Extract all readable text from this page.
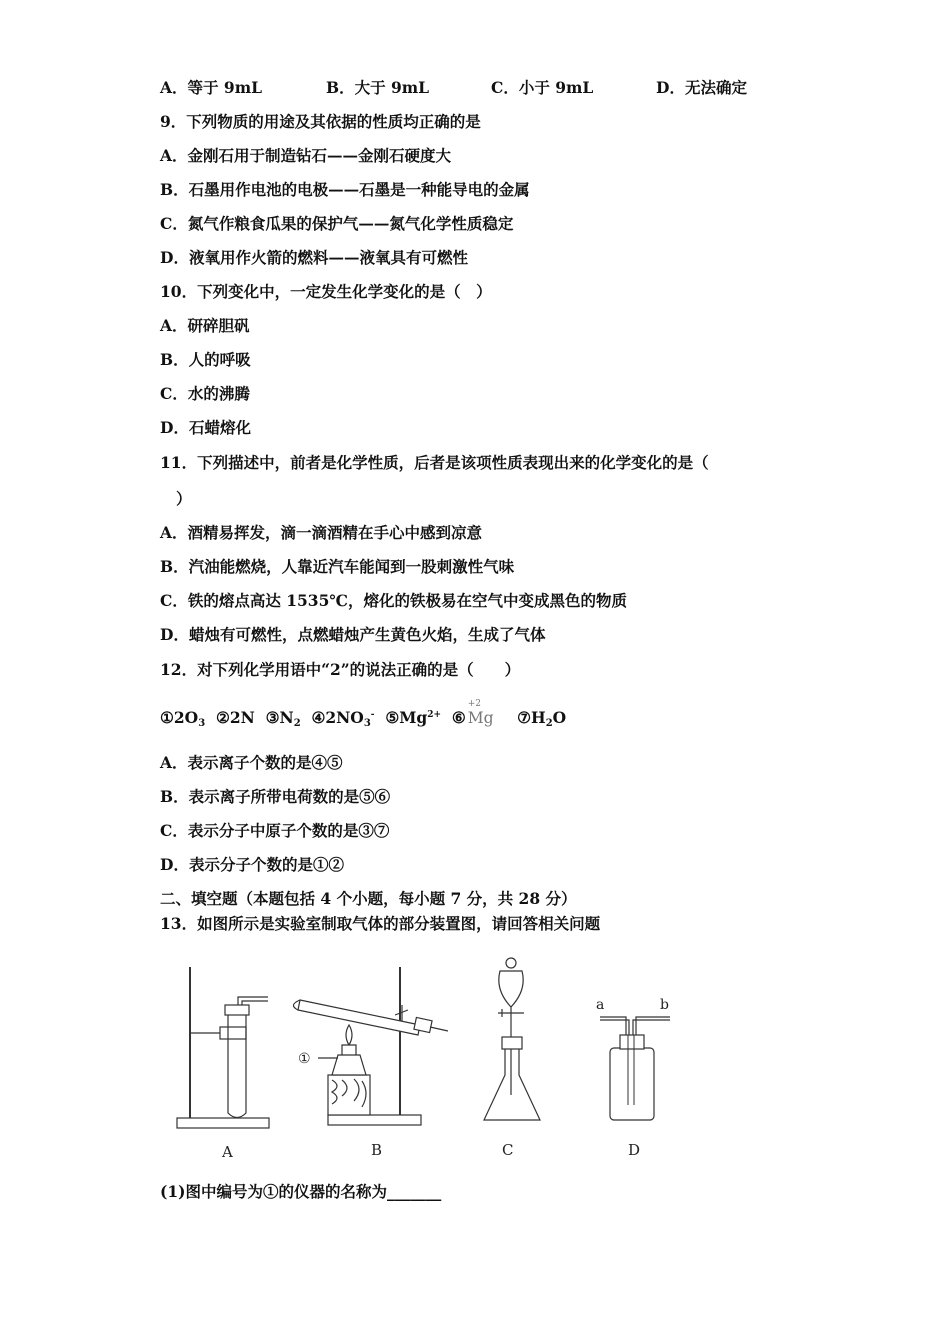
A．等于 9mL	B．大于 9mL	C．小于 9mL	D．无法确定
9．下列物质的用途及其依据的性质均正确的是
A．金刚石用于制造钻石——金刚石硬度大
B．石墨用作电池的电极——石墨是一种能导电的金属
C．氮气作粮食瓜果的保护气——氮气化学性质稳定
D．液氧用作火箭的燃料——液氧具有可燃性
10．下列变化中，一定发生化学变化的是（　）
A．研碎胆矾
B．人的呼吸
C．水的沸腾
D．石蜡熔化
11．下列描述中，前者是化学性质，后者是该项性质表现出来的化学变化的是（
）
A．酒精易挥发，滴一滴酒精在手心中感到凉意
B．汽油能燃烧，人靠近汽车能闻到一股刺激性气味
C．铁的熔点高达 1535℃，熔化的铁极易在空气中变成黑色的物质
D．蜡烛有可燃性，点燃蜡烛产生黄色火焰，生成了气体
12．对下列化学用语中“2”的说法正确的是（　　）
$①2O_3$ ②2N $③N_2$ $④2NO_3^-$ $⑤Mg^{2+}$ ⑥
+2
Mg $⑦H_2O$
A．表示离子个数的是④⑤
B．表示离子所带电荷数的是⑤⑥
C．表示分子中原子个数的是③⑦
D．表示分子个数的是①②
二、填空题（本题包括 4 个小题，每小题 7 分，共 28 分）
13．如图所示是实验室制取气体的部分装置图，请回答相关问题
A
①
B	C
a	b
D
(1)图中编号为①的仪器的名称为_______
